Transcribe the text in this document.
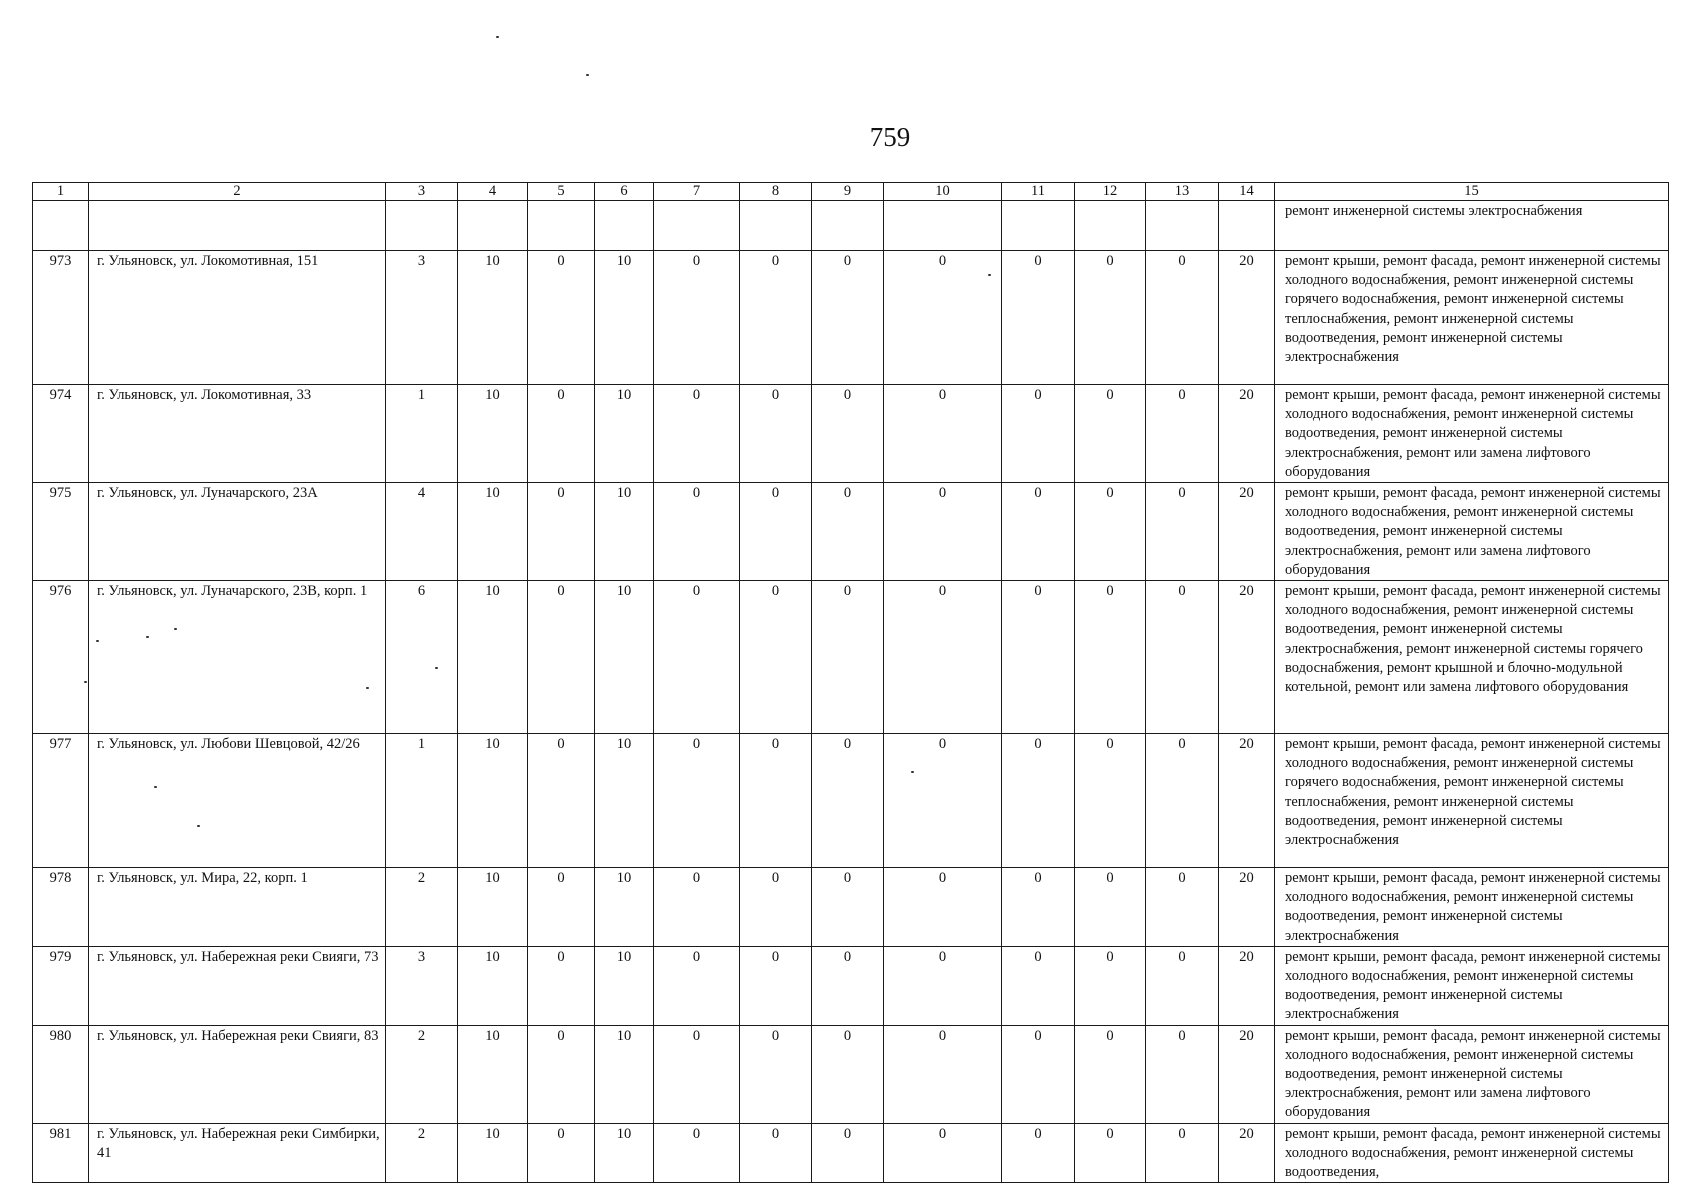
759
1	2	3	4	5	6	7	8	9	10	11	12	13	14	15
														ремонт инженерной системы электроснабжения
973	г. Ульяновск, ул. Локомотивная, 151	3	10	0	10	0	0	0	0	0	0	0	20	ремонт крыши, ремонт фасада, ремонт инженерной системы холодного водоснабжения, ремонт инженерной системы горячего водоснабжения, ремонт инженерной системы теплоснабжения, ремонт инженерной системы водоотведения, ремонт инженерной системы электроснабжения
974	г. Ульяновск, ул. Локомотивная, 33	1	10	0	10	0	0	0	0	0	0	0	20	ремонт крыши, ремонт фасада, ремонт инженерной системы холодного водоснабжения, ремонт инженерной системы водоотведения, ремонт инженерной системы электроснабжения, ремонт или замена лифтового оборудования
975	г. Ульяновск, ул. Луначарского, 23А	4	10	0	10	0	0	0	0	0	0	0	20	ремонт крыши, ремонт фасада, ремонт инженерной системы холодного водоснабжения, ремонт инженерной системы водоотведения, ремонт инженерной системы электроснабжения, ремонт или замена лифтового оборудования
976	г. Ульяновск, ул. Луначарского, 23В, корп. 1	6	10	0	10	0	0	0	0	0	0	0	20	ремонт крыши, ремонт фасада, ремонт инженерной системы холодного водоснабжения, ремонт инженерной системы водоотведения, ремонт инженерной системы электроснабжения, ремонт инженерной системы горячего водоснабжения, ремонт крышной и блочно-модульной котельной, ремонт или замена лифтового оборудования
977	г. Ульяновск, ул. Любови Шевцовой, 42/26	1	10	0	10	0	0	0	0	0	0	0	20	ремонт крыши, ремонт фасада, ремонт инженерной системы холодного водоснабжения, ремонт инженерной системы горячего водоснабжения, ремонт инженерной системы теплоснабжения, ремонт инженерной системы водоотведения, ремонт инженерной системы электроснабжения
978	г. Ульяновск, ул. Мира, 22, корп. 1	2	10	0	10	0	0	0	0	0	0	0	20	ремонт крыши, ремонт фасада, ремонт инженерной системы холодного водоснабжения, ремонт инженерной системы водоотведения, ремонт инженерной системы электроснабжения
979	г. Ульяновск, ул. Набережная реки Свияги, 73	3	10	0	10	0	0	0	0	0	0	0	20	ремонт крыши, ремонт фасада, ремонт инженерной системы холодного водоснабжения, ремонт инженерной системы водоотведения, ремонт инженерной системы электроснабжения
980	г. Ульяновск, ул. Набережная реки Свияги, 83	2	10	0	10	0	0	0	0	0	0	0	20	ремонт крыши, ремонт фасада, ремонт инженерной системы холодного водоснабжения, ремонт инженерной системы водоотведения, ремонт инженерной системы электроснабжения, ремонт или замена лифтового оборудования
981	г. Ульяновск, ул. Набережная реки Симбирки, 41	2	10	0	10	0	0	0	0	0	0	0	20	ремонт крыши, ремонт фасада, ремонт инженерной системы холодного водоснабжения, ремонт инженерной системы водоотведения,
